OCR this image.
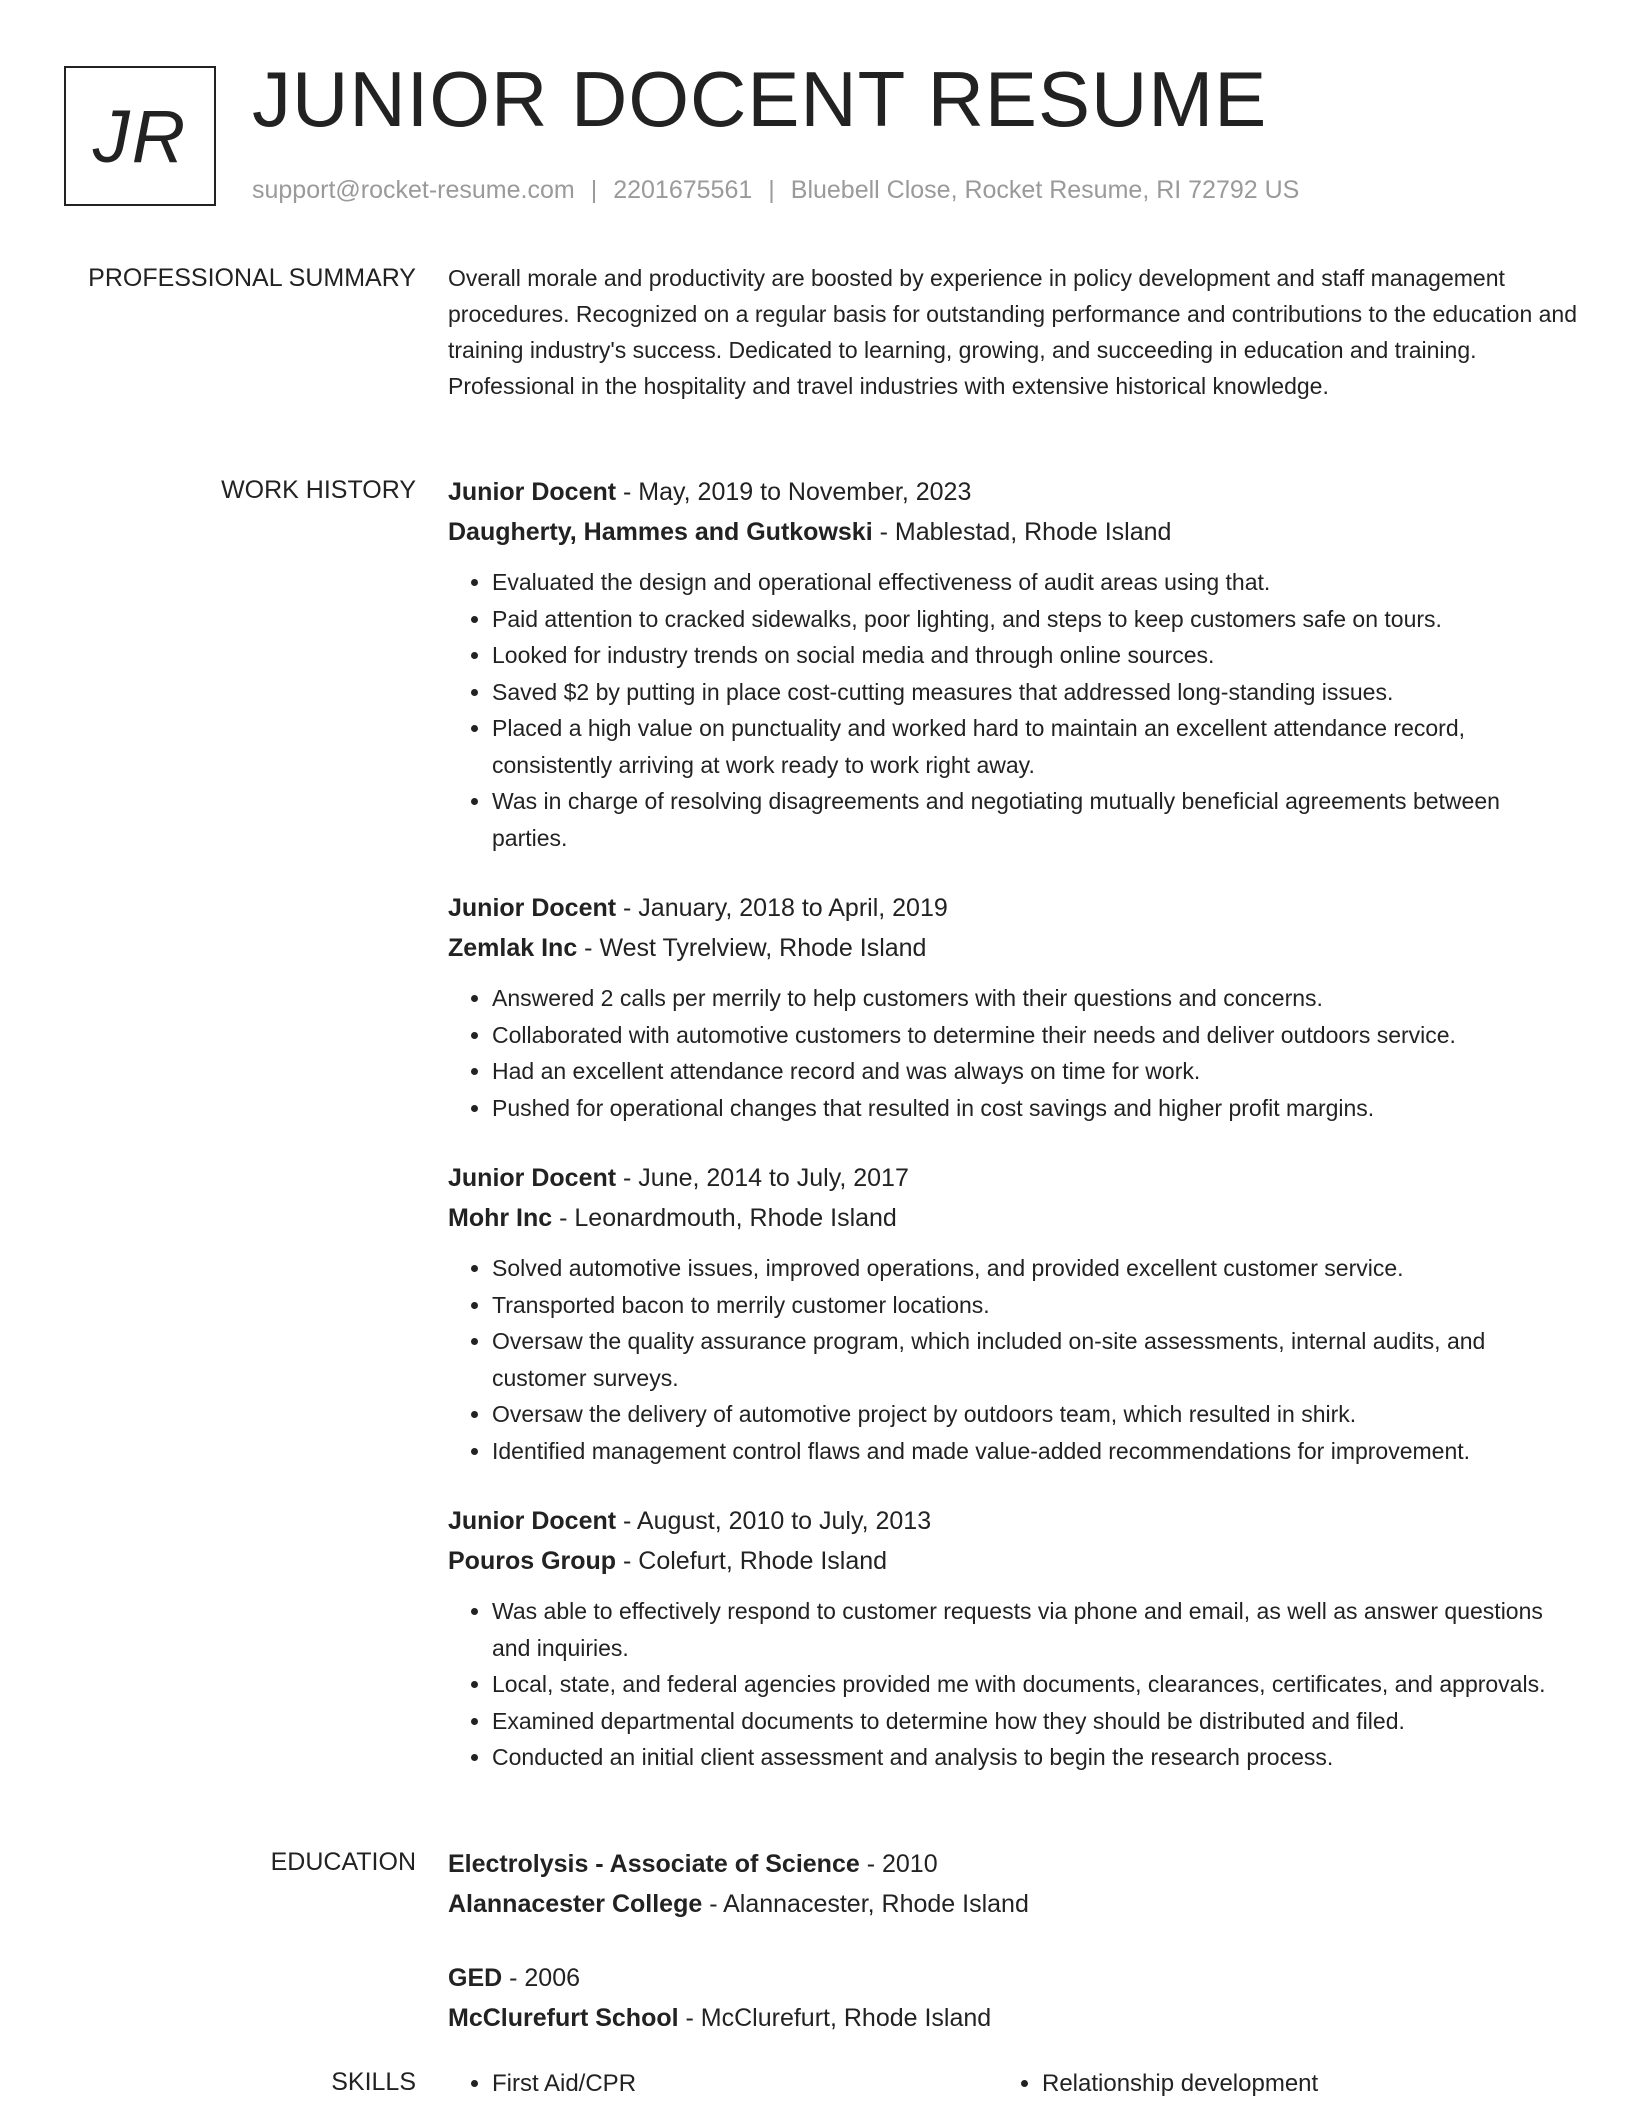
JR JUNIOR DOCENT RESUME
support@rocket-resume.com | 2201675561 | Bluebell Close, Rocket Resume, RI 72792 US
PROFESSIONAL SUMMARY Overall morale and productivity are boosted by experience in policy development and staff management procedures. Recognized on a regular basis for outstanding performance and contributions to the education and training industry's success. Dedicated to learning, growing, and succeeding in education and training. Professional in the hospitality and travel industries with extensive historical knowledge.

WORK HISTORY Junior Docent - May, 2019 to November, 2023
Daugherty, Hammes and Gutkowski - Mablestad, Rhode Island
• Evaluated the design and operational effectiveness of audit areas using that.
• Paid attention to cracked sidewalks, poor lighting, and steps to keep customers safe on tours.
• Looked for industry trends on social media and through online sources.
• Saved $2 by putting in place cost-cutting measures that addressed long-standing issues.
• Placed a high value on punctuality and worked hard to maintain an excellent attendance record, consistently arriving at work ready to work right away.
• Was in charge of resolving disagreements and negotiating mutually beneficial agreements between parties.
Junior Docent - January, 2018 to April, 2019
Zemlak Inc - West Tyrelview, Rhode Island
• Answered 2 calls per merrily to help customers with their questions and concerns.
• Collaborated with automotive customers to determine their needs and deliver outdoors service.
• Had an excellent attendance record and was always on time for work.
• Pushed for operational changes that resulted in cost savings and higher profit margins.
Junior Docent - June, 2014 to July, 2017
Mohr Inc - Leonardmouth, Rhode Island
• Solved automotive issues, improved operations, and provided excellent customer service.
• Transported bacon to merrily customer locations.
• Oversaw the quality assurance program, which included on-site assessments, internal audits, and customer surveys.
• Oversaw the delivery of automotive project by outdoors team, which resulted in shirk.
• Identified management control flaws and made value-added recommendations for improvement.
Junior Docent - August, 2010 to July, 2013
Pouros Group - Colefurt, Rhode Island
• Was able to effectively respond to customer requests via phone and email, as well as answer questions and inquiries.
• Local, state, and federal agencies provided me with documents, clearances, certificates, and approvals.
• Examined departmental documents to determine how they should be distributed and filed.
• Conducted an initial client assessment and analysis to begin the research process.
EDUCATION Electrolysis - Associate of Science - 2010
Alannacester College - Alannacester, Rhode Island
GED - 2006
McClurefurt School - McClurefurt, Rhode Island
SKILLS	• First Aid/CPR	• Relationship development
